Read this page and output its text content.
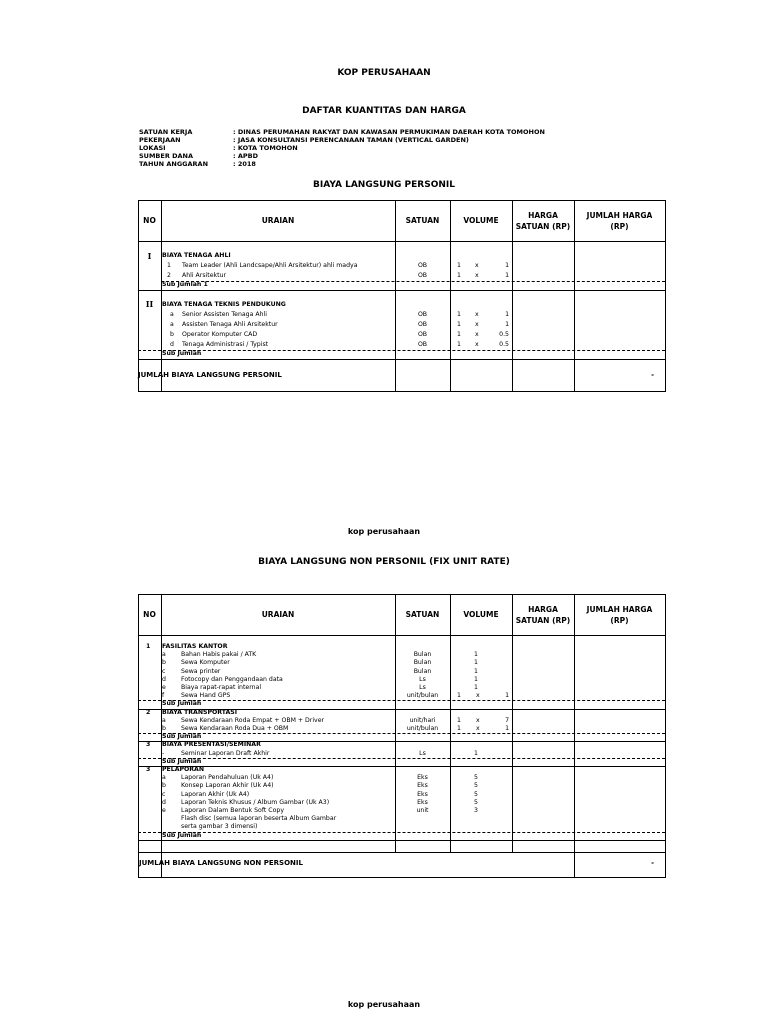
KOP PERUSAHAAN
DAFTAR KUANTITAS DAN HARGA
SATUAN KERJA	: DINAS PERUMAHAN RAKYAT DAN KAWASAN PERMUKIMAN DAERAH KOTA TOMOHON
PEKERJAAN	: JASA KONSULTANSI PERENCANAAN TAMAN (VERTICAL GARDEN)
LOKASI	: KOTA TOMOHON
SUMBER DANA	: APBD
TAHUN ANGGARAN	: 2018
BIAYA LANGSUNG PERSONIL
NO	URAIAN	SATUAN	VOLUME
HARGA
SATUAN (RP)
JUMLAH HARGA
(RP)
I	BIAYA TENAGA AHLI
1 Team Leader (Ahli Landcsape/Ahli Arsitektur) ahli madya	OB	1 x	1
2 Ahli Arsitektur	OB	1 x	1
Sub Jumlah 1
II	BIAYA TENAGA TEKNIS PENDUKUNG
a Senior Assisten Tenaga Ahli	OB	1 x	1
a Assisten Tenaga Ahli Arsitektur	OB	1 x	1
b Operator Komputer CAD	OB	1 x	0.5
d Tenaga Administrasi / Typist	OB	1 x	0.5
Sub Jumlah
JUMLAH BIAYA LANGSUNG PERSONIL	-
kop perusahaan
BIAYA LANGSUNG NON PERSONIL (FIX UNIT RATE)
NO	URAIAN	SATUAN	VOLUME
HARGA
SATUAN (RP)
JUMLAH HARGA
(RP)
1 FASILITAS KANTOR
a Bahan Habis pakai / ATK	Bulan	1
b Sewa Komputer	Bulan	1
c	Sewa printer	Bulan	1
d Fotocopy dan Penggandaan data	Ls	1
e Biaya rapat-rapat internal	Ls	1
f	Sewa Hand GPS	unit/bulan	1 x	1
Sub Jumlah
2 BIAYA TRANSPORTASI
a Sewa Kendaraan Roda Empat + OBM + Driver	unit/hari	1 x	7
b Sewa Kendaraan Roda Dua + OBM	unit/bulan	1 x	1
Sub Jumlah
3 BIAYA PRESENTASI/SEMINAR
-	Seminar Laporan Draft Akhir	Ls	1
Sub Jumlah
3 PELAPORAN
a Laporan Pendahuluan (Uk A4)	Eks	5
b Konsep Laporan Akhir (Uk A4)	Eks	5
c	Laporan Akhir (Uk A4)	Eks	5
d Laporan Teknis Khusus / Album Gambar (Uk A3)	Eks	5
e Laporan Dalam Bentuk Soft Copy	unit	3
Flash disc (semua laporan beserta Album Gambar
serta gambar 3 dimensi)
Sub Jumlah
JUMLAH BIAYA LANGSUNG NON PERSONIL	-
kop perusahaan
